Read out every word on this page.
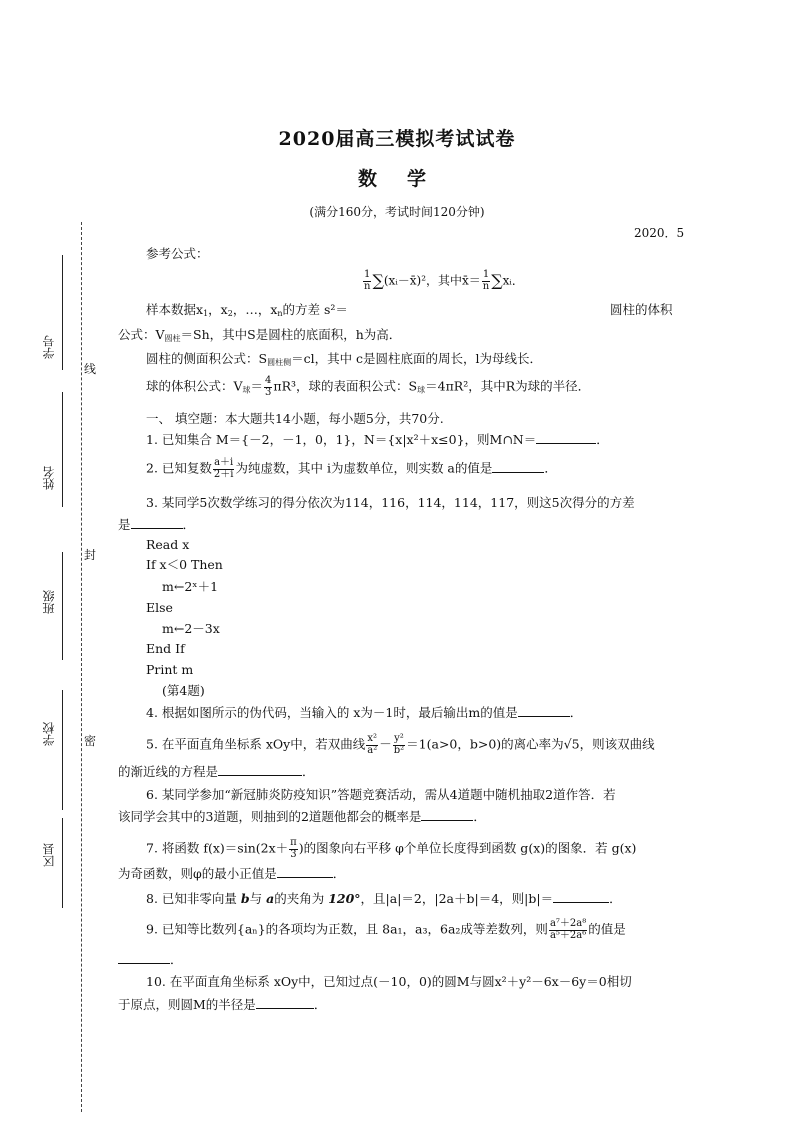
2020届高三模拟考试试卷
数学
(满分160分，考试时间120分钟)
2020．5
学号
姓名
班级
学校
区县
线
封
密
参考公式：
$\frac{1}{n}$ ∑(xᵢ－x̄)²，其中x̄＝ $\frac{1}{n}$ ∑xᵢ．
样本数据$x_1$，$x_2$，…，$x_n$的方差 s²＝	圆柱的体积
公式：$V_{圆柱}=Sh$，其中S是圆柱的底面积，h为高．
圆柱的侧面积公式：$S_{圆柱侧}=cl$，其中 c是圆柱底面的周长，l为母线长．
球的体积公式：$V_球= \frac{4}{3} \pi R^3$，球的表面积公式：$S_球=4\pi R^2$，其中R为球的半径．
一、 填空题：本大题共14小题，每小题5分，共70分.
1. 已知集合 M＝{－2，－1，0，1}，N＝{x|x²＋x≤0}，则M∩N＝	．
2. 已知复数 $\frac{a+i}{2+i}$ 为纯虚数，其中 i为虚数单位，则实数 a的值是	．
3. 某同学5次数学练习的得分依次为114，116，114，114，117，则这5次得分的方差
是	．
Read x
If x＜0 Then
m←2ˣ＋1
Else
m←2－3x
End If
Print m
(第4题)
4. 根据如图所示的伪代码，当输入的 x为－1时，最后输出m的值是	．
5. 在平面直角坐标系 xOy中，若双曲线 $\frac{\text{x²}}{\text{a²}} - \frac{\text{y²}}{\text{b²}} =1(a>0$，b>0)的离心率为√5，则该双曲线
的渐近线的方程是	．
6. 某同学参加“新冠肺炎防疫知识”答题竞赛活动，需从4道题中随机抽取2道作答．若
该同学会其中的3道题，则抽到的2道题他都会的概率是	．
7. 将函数 $f(x)=\sin(2x+ \frac{\pi}{3}$ )的图象向右平移 φ个单位长度得到函数 g(x)的图象．若 g(x)
为奇函数，则φ的最小正值是	．
8. 已知非零向量 b与 a的夹角为 120°，且|a|＝2，|2a＋b|＝4，则|b|＝	．
9. 已知等比数列{aₙ}的各项均为正数，且 8a₁，a₃，6a₂成等差数列，则 $\frac{\text{a⁷＋2a⁸}}{\text{a⁵＋2a⁶}}$ 的值是
．
10. 在平面直角坐标系 xOy中，已知过点(－10，0)的圆M与圆x²＋y²－6x－6y＝0相切
于原点，则圆M的半径是	．
